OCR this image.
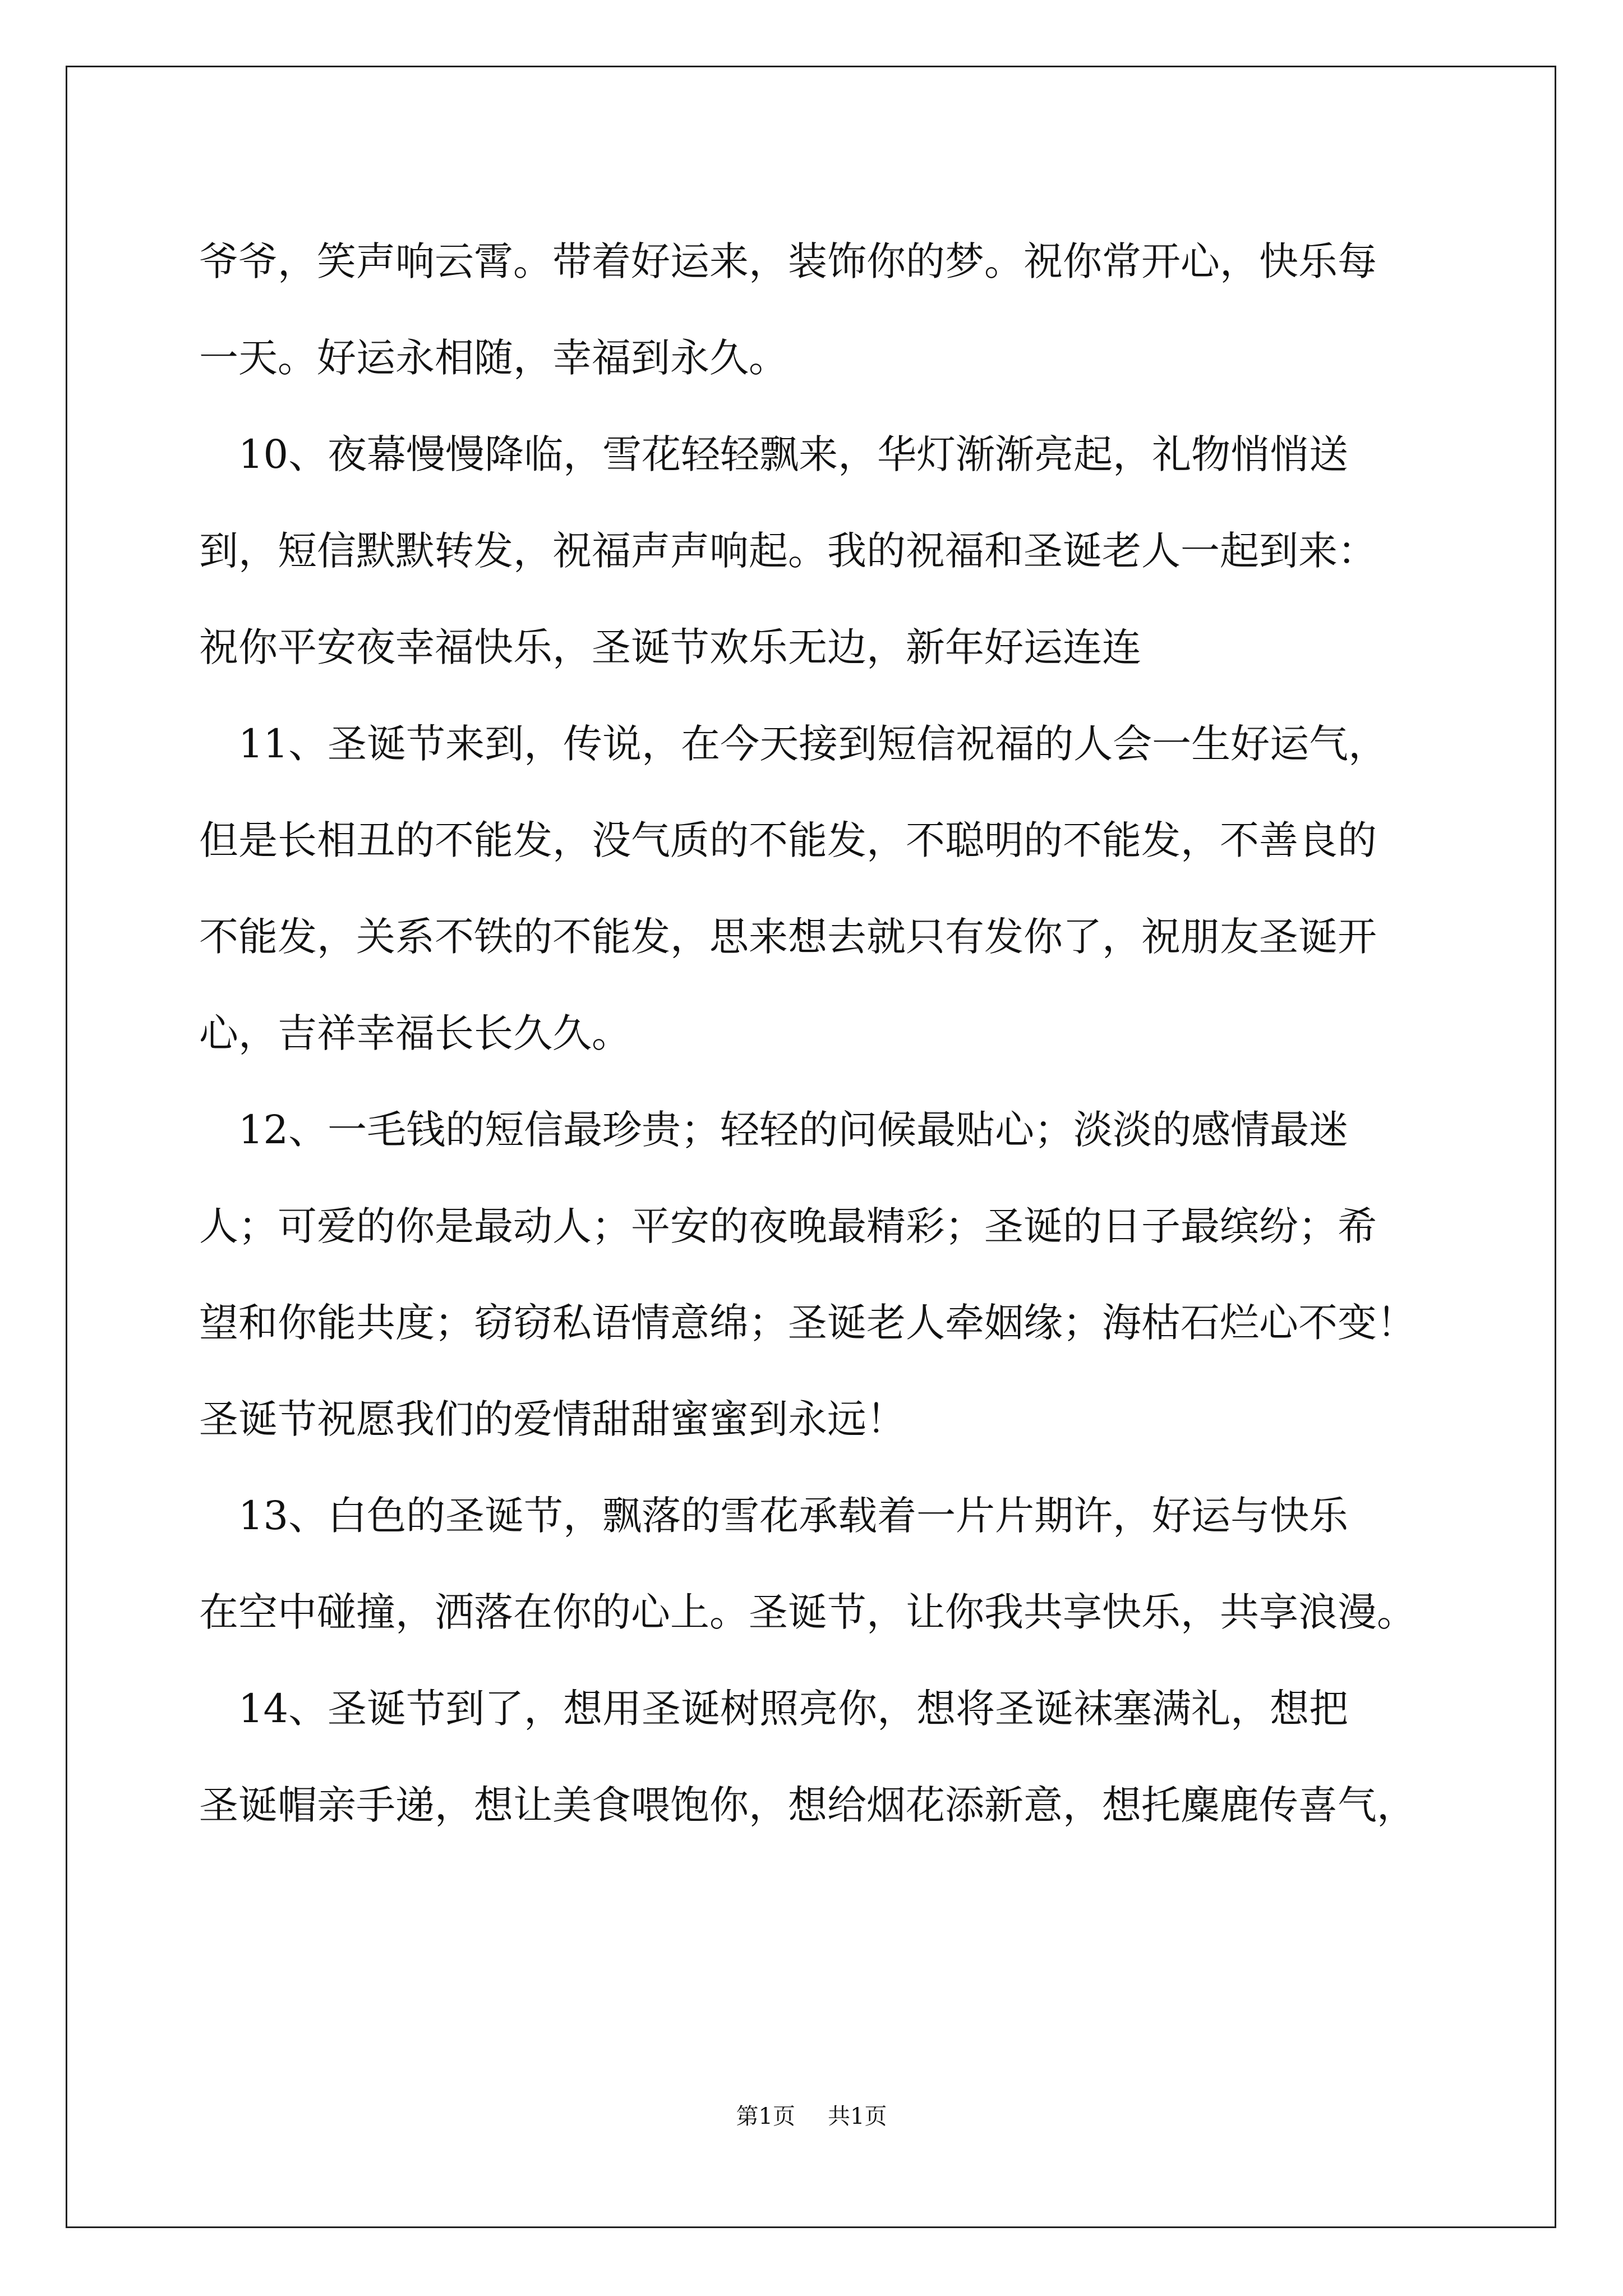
爷爷，笑声响云霄。带着好运来，装饰你的梦。祝你常开心，快乐每
一天。好运永相随，幸福到永久。
　10、夜幕慢慢降临，雪花轻轻飘来，华灯渐渐亮起，礼物悄悄送
到，短信默默转发，祝福声声响起。我的祝福和圣诞老人一起到来：
祝你平安夜幸福快乐，圣诞节欢乐无边，新年好运连连
　11、圣诞节来到，传说，在今天接到短信祝福的人会一生好运气，
但是长相丑的不能发，没气质的不能发，不聪明的不能发，不善良的
不能发，关系不铁的不能发，思来想去就只有发你了，祝朋友圣诞开
心，吉祥幸福长长久久。
　12、一毛钱的短信最珍贵；轻轻的问候最贴心；淡淡的感情最迷
人；可爱的你是最动人；平安的夜晚最精彩；圣诞的日子最缤纷；希
望和你能共度；窃窃私语情意绵；圣诞老人牵姻缘；海枯石烂心不变！
圣诞节祝愿我们的爱情甜甜蜜蜜到永远！
　13、白色的圣诞节，飘落的雪花承载着一片片期许，好运与快乐
在空中碰撞，洒落在你的心上。圣诞节，让你我共享快乐，共享浪漫。
　14、圣诞节到了，想用圣诞树照亮你，想将圣诞袜塞满礼，想把
圣诞帽亲手递，想让美食喂饱你，想给烟花添新意，想托麋鹿传喜气，
第1页 共1页
